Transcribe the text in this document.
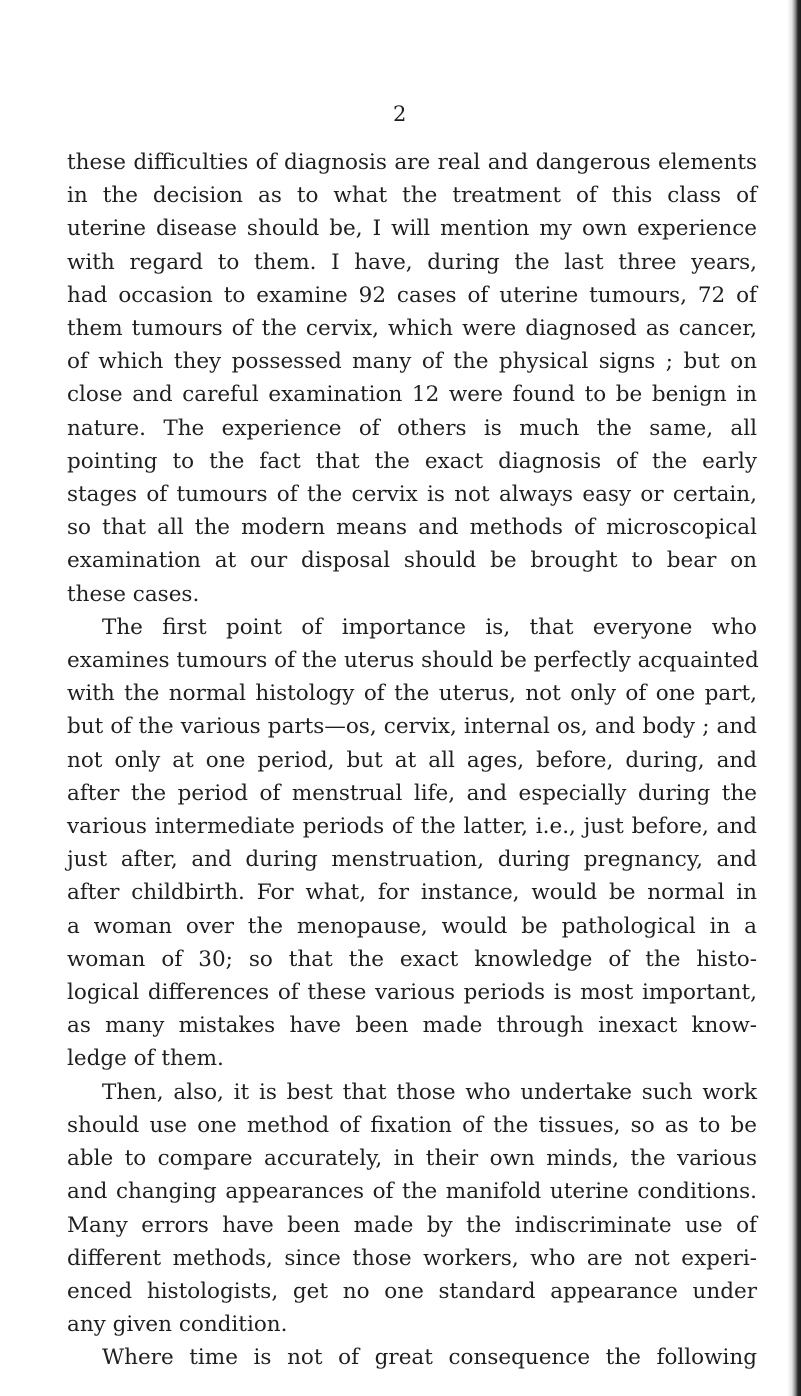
2
these difficulties of diagnosis are real and dangerous elements
in the decision as to what the treatment of this class of
uterine disease should be, I will mention my own experience
with regard to them. I have, during the last three years,
had occasion to examine 92 cases of uterine tumours, 72 of
them tumours of the cervix, which were diagnosed as cancer,
of which they possessed many of the physical signs ; but on
close and careful examination 12 were found to be benign in
nature. The experience of others is much the same, all
pointing to the fact that the exact diagnosis of the early
stages of tumours of the cervix is not always easy or certain,
so that all the modern means and methods of microscopical
examination at our disposal should be brought to bear on
these cases.
The first point of importance is, that everyone who
examines tumours of the uterus should be perfectly acquainted
with the normal histology of the uterus, not only of one part,
but of the various parts—os, cervix, internal os, and body ; and
not only at one period, but at all ages, before, during, and
after the period of menstrual life, and especially during the
various intermediate periods of the latter, i.e., just before, and
just after, and during menstruation, during pregnancy, and
after childbirth. For what, for instance, would be normal in
a woman over the menopause, would be pathological in a
woman of 30; so that the exact knowledge of the histo-
logical differences of these various periods is most important,
as many mistakes have been made through inexact know-
ledge of them.
Then, also, it is best that those who undertake such work
should use one method of fixation of the tissues, so as to be
able to compare accurately, in their own minds, the various
and changing appearances of the manifold uterine conditions.
Many errors have been made by the indiscriminate use of
different methods, since those workers, who are not experi-
enced histologists, get no one standard appearance under
any given condition.
Where time is not of great consequence the following
